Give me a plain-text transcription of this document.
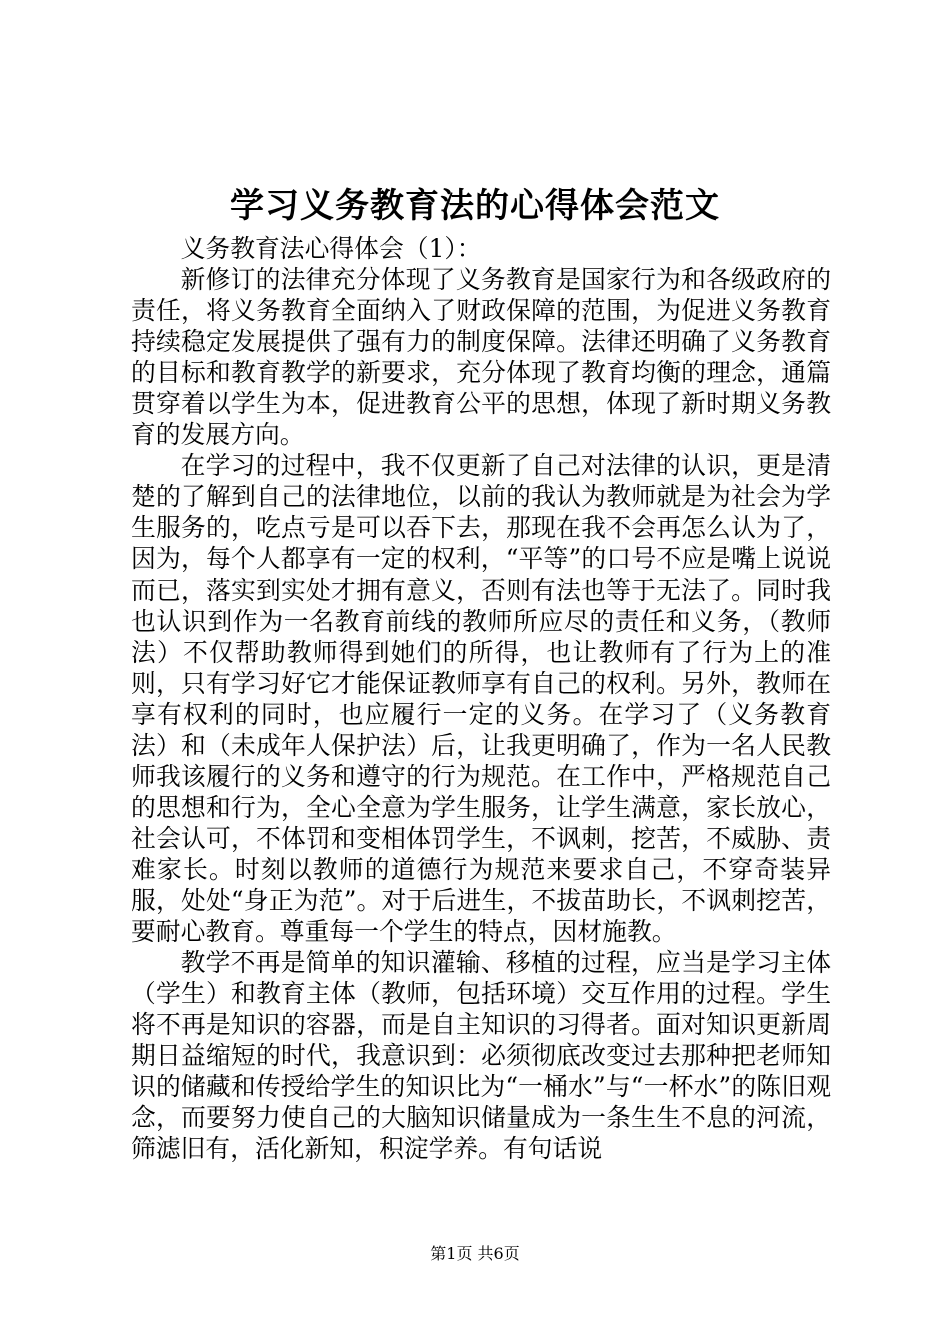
学习义务教育法的心得体会范文

义务教育法心得体会（1）：

新修订的法律充分体现了义务教育是国家行为和各级政府的责任，将义务教育全面纳入了财政保障的范围，为促进义务教育持续稳定发展提供了强有力的制度保障。法律还明确了义务教育的目标和教育教学的新要求，充分体现了教育均衡的理念，通篇贯穿着以学生为本，促进教育公平的思想，体现了新时期义务教育的发展方向。

在学习的过程中，我不仅更新了自己对法律的认识，更是清楚的了解到自己的法律地位，以前的我认为教师就是为社会为学生服务的，吃点亏是可以吞下去，那现在我不会再怎么认为了，因为，每个人都享有一定的权利，“平等”的口号不应是嘴上说说而已，落实到实处才拥有意义，否则有法也等于无法了。同时我也认识到作为一名教育前线的教师所应尽的责任和义务，（教师法）不仅帮助教师得到她们的所得，也让教师有了行为上的准则，只有学习好它才能保证教师享有自己的权利。另外，教师在享有权利的同时，也应履行一定的义务。在学习了（义务教育法）和（未成年人保护法）后，让我更明确了，作为一名人民教师我该履行的义务和遵守的行为规范。在工作中，严格规范自己的思想和行为，全心全意为学生服务，让学生满意，家长放心，社会认可，不体罚和变相体罚学生，不讽刺，挖苦，不威胁、责难家长。时刻以教师的道德行为规范来要求自己，不穿奇装异服，处处“身正为范”。对于后进生，不拔苗助长，不讽刺挖苦，要耐心教育。尊重每一个学生的特点，因材施教。

教学不再是简单的知识灌输、移植的过程，应当是学习主体（学生）和教育主体（教师，包括环境）交互作用的过程。学生将不再是知识的容器，而是自主知识的习得者。面对知识更新周期日益缩短的时代，我意识到：必须彻底改变过去那种把老师知识的储藏和传授给学生的知识比为“一桶水”与“一杯水”的陈旧观念，而要努力使自己的大脑知识储量成为一条生生不息的河流，筛滤旧有，活化新知，积淀学养。有句话说

第1页 共6页
